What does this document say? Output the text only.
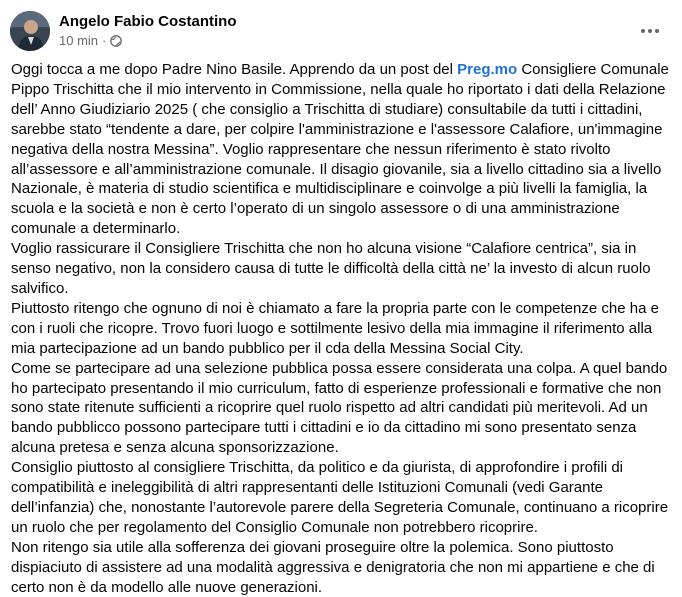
Angelo Fabio Costantino
10 min ·

Oggi tocca a me dopo Padre Nino Basile. Apprendo da un post del Preg.mo Consigliere Comunale Pippo Trischitta che il mio intervento in Commissione, nella quale ho riportato i dati della Relazione dell’ Anno Giudiziario 2025 ( che consiglio a Trischitta di studiare) consultabile da tutti i cittadini, sarebbe stato “tendente a dare, per colpire l'amministrazione e l'assessore Calafiore, un'immagine negativa della nostra Messina”. Voglio rappresentare che nessun riferimento è stato rivolto all’assessore e all’amministrazione comunale. Il disagio giovanile, sia a livello cittadino sia a livello Nazionale, è materia di studio scientifica e multidisciplinare e coinvolge a più livelli la famiglia, la scuola e la società e non è certo l’operato di un singolo assessore o di una amministrazione comunale a determinarlo.

Voglio rassicurare il Consigliere Trischitta che non ho alcuna visione “Calafiore centrica”, sia in senso negativo, non la considero causa di tutte le difficoltà della città ne’ la investo di alcun ruolo salvifico.

Piuttosto ritengo che ognuno di noi è chiamato a fare la propria parte con le competenze che ha e con i ruoli che ricopre. Trovo fuori luogo e sottilmente lesivo della mia immagine il riferimento alla mia partecipazione ad un bando pubblico per il cda della Messina Social City.

Come se partecipare ad una selezione pubblica possa essere considerata una colpa. A quel bando ho partecipato presentando il mio curriculum, fatto di esperienze professionali e formative che non sono state ritenute sufficienti a ricoprire quel ruolo rispetto ad altri candidati più meritevoli. Ad un bando pubblicco possono partecipare tutti i cittadini e io da cittadino mi sono presentato senza alcuna pretesa e senza alcuna sponsorizzazione.

Consiglio piuttosto al consigliere Trischitta, da politico e da giurista, di approfondire i profili di compatibilità e ineleggibilità di altri rappresentanti delle Istituzioni Comunali (vedi Garante dell’infanzia) che, nonostante l’autorevole parere della Segreteria Comunale, continuano a ricoprire un ruolo che per regolamento del Consiglio Comunale non potrebbero ricoprire.

Non ritengo sia utile alla sofferenza dei giovani proseguire oltre la polemica. Sono piuttosto dispiaciuto di assistere ad una modalità aggressiva e denigratoria che non mi appartiene e che di certo non è da modello alle nuove generazioni.
